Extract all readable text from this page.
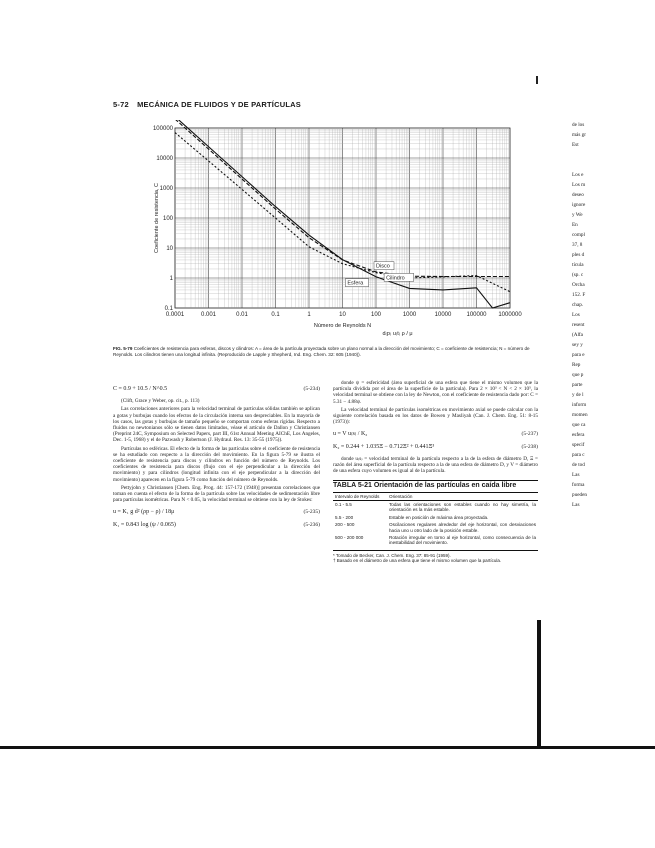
5-72 MECÁNICA DE FLUIDOS Y DE PARTÍCULAS
0.0001	0.001	0.01	0.1	1	10	100	1000	10000	100000 1000000
100000
10000
1000
100
10
1
0.1
Esfera
Disco
Cilindro
Número de Reynolds N
d₍p₎ u₍t₎ ρ / μ
Coeficiente de resistencia, C
FIG. 5-79 Coeficientes de resistencia para esferas, discos y cilindros: A = área de la partícula proyectada sobre un plano normal a la dirección del movimiento; C = coeficiente de resistencia; N = número de Reynolds. Los cilindros tienen una longitud infinita. (Reproducido de Lapple y Shepherd, Ind. Eng. Chem. 32: 605 (1940)).
C = 0.9 + 10.5 / N^0.5	(5-234)

(Clift, Grace y Weber, op. cit., p. 113)

Las correlaciones anteriores para la velocidad terminal de partículas sólidas también se aplican a gotas y burbujas cuando los efectos de la circulación interna son despreciables. En la mayoría de los casos, las gotas y burbujas de tamaño pequeño se comportan como esferas rígidas. Respecto a fluidos no newtonianos sólo se tienen datos limitados, véase el artículo de Dallon y Christiansen (Preprint 24C, Symposium on Selected Papers, part III, 61st Annual Meeting AIChE, Los Angeles, Dec. 1-5, 1968) y el de Pazwash y Robertson (J. Hydraul. Res. 13: 35-55 (1975)).

Partículas no esféricas. El efecto de la forma de las partículas sobre el coeficiente de resistencia se ha estudiado con respecto a la dirección del movimiento. En la figura 5-79 se ilustra el coeficiente de resistencia para discos y cilindros en función del número de Reynolds. Los coeficientes de resistencia para discos (flujo con el eje perpendicular a la dirección del movimiento) y para cilindros (longitud infinita con el eje perpendicular a la dirección del movimiento) aparecen en la figura 5-79 como función del número de Reynolds.

Pettyjohn y Christiansen [Chem. Eng. Prog. 44: 157-172 (1948)] presentan correlaciones que toman en cuenta el efecto de la forma de la partícula sobre las velocidades de sedimentación libre para partículas isométricas. Para N < 0.05, la velocidad terminal se obtiene con la ley de Stokes:

u = K₁ g d² (ρp − ρ) / 18μ	(5-235)
K₁ = 0.843 log (ψ / 0.065)	(5-236)

donde ψ = esfericidad (área superficial de una esfera que tiene el mismo volumen que la partícula dividida por el área de la superficie de la partícula). Para 2 × 10³ < N < 2 × 10⁵, la velocidad terminal se obtiene con la ley de Newton, con el coeficiente de resistencia dado por: C = 5.31 − 4.88ψ.

La velocidad terminal de partículas isométricas en movimiento axial se puede calcular con la siguiente correlación basada en los datos de Bowen y Masliyah (Can. J. Chem. Eng. 51: 8-15 (1973)):

u = V u₍s₎ / K₂	(5-237)
K₂ = 0.244 + 1.035Ξ − 0.712Ξ² + 0.441Ξ³	(5-238)

donde u₍s₎ = velocidad terminal de la partícula respecto a la de la esfera de diámetro D, Ξ = razón del área superficial de la partícula respecto a la de una esfera de diámetro D, y V = diámetro de una esfera cuyo volumen es igual al de la partícula.

TABLA 5-21 Orientación de las partículas en caída libre
Intervalo de Reynolds	Orientación
0.1 - 5.5	Todas las orientaciones son estables cuando no hay simetría, la orientación es la más estable.
5.5 - 200	Estable en posición de máxima área proyectada.
200 - 500	Oscilaciones regulares alrededor del eje horizontal, con desviaciones hacia uno u otro lado de la posición estable.
500 - 200 000	Rotación irregular en torno al eje horizontal, como consecuencia de la inestabilidad del movimiento.
* Tomado de Becker, Can. J. Chem. Eng. 37: 85-91 (1959).
† Basado en el diámetro de una esfera que tiene el mismo volumen que la partícula.
de los
más gr
Est

Los e
Los m
deseo
ignore
y We
En
compl
37, 8
ples d
tícula
(sp. c
Orcha
152. F
chap.
Los
resent
(Alfa
sey y
para e
Rep
que p
parte
y de l
inform
momen
que ca
esfera
specif
para c
de tod
Las
forma
pueden
Las
